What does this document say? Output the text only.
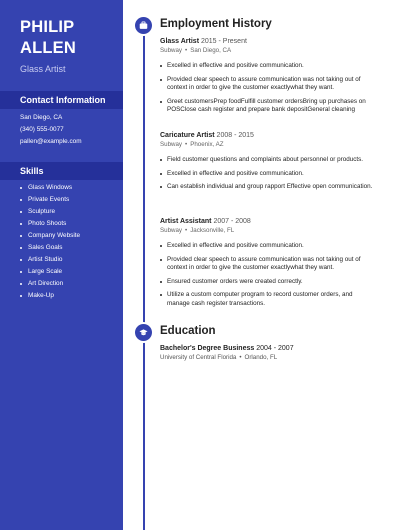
PHILIP
ALLEN
Glass Artist
Contact Information
San Diego, CA
(340) 555-0077
pallen@example.com
Skills
Glass Windows
Private Events
Sculpture
Photo Shoots
Company Website
Sales Goals
Artist Studio
Large Scale
Art Direction
Make-Up
Employment History
Glass Artist 2015 - Present
Subway • San Diego, CA
Excelled in effective and positive communication.
Provided clear speech to assure communication was not taking out of context in order to give the customer exactlywhat they want.
Greet customersPrep foodFulfill customer ordersBring up purchases on POSClose cash register and prepare bank depositGeneral cleaning
Caricature Artist 2008 - 2015
Subway • Phoenix, AZ
Field customer questions and complaints about personnel or products.
Excelled in effective and positive communication.
Can establish individual and group rapport Effective open communication.
Artist Assistant 2007 - 2008
Subway • Jacksonville, FL
Excelled in effective and positive communication.
Provided clear speech to assure communication was not taking out of context in order to give the customer exactlywhat they want.
Ensured customer orders were created correctly.
Utilize a custom computer program to record customer orders, and manage cash register transactions.
Education
Bachelor's Degree Business 2004 - 2007
University of Central Florida • Orlando, FL
